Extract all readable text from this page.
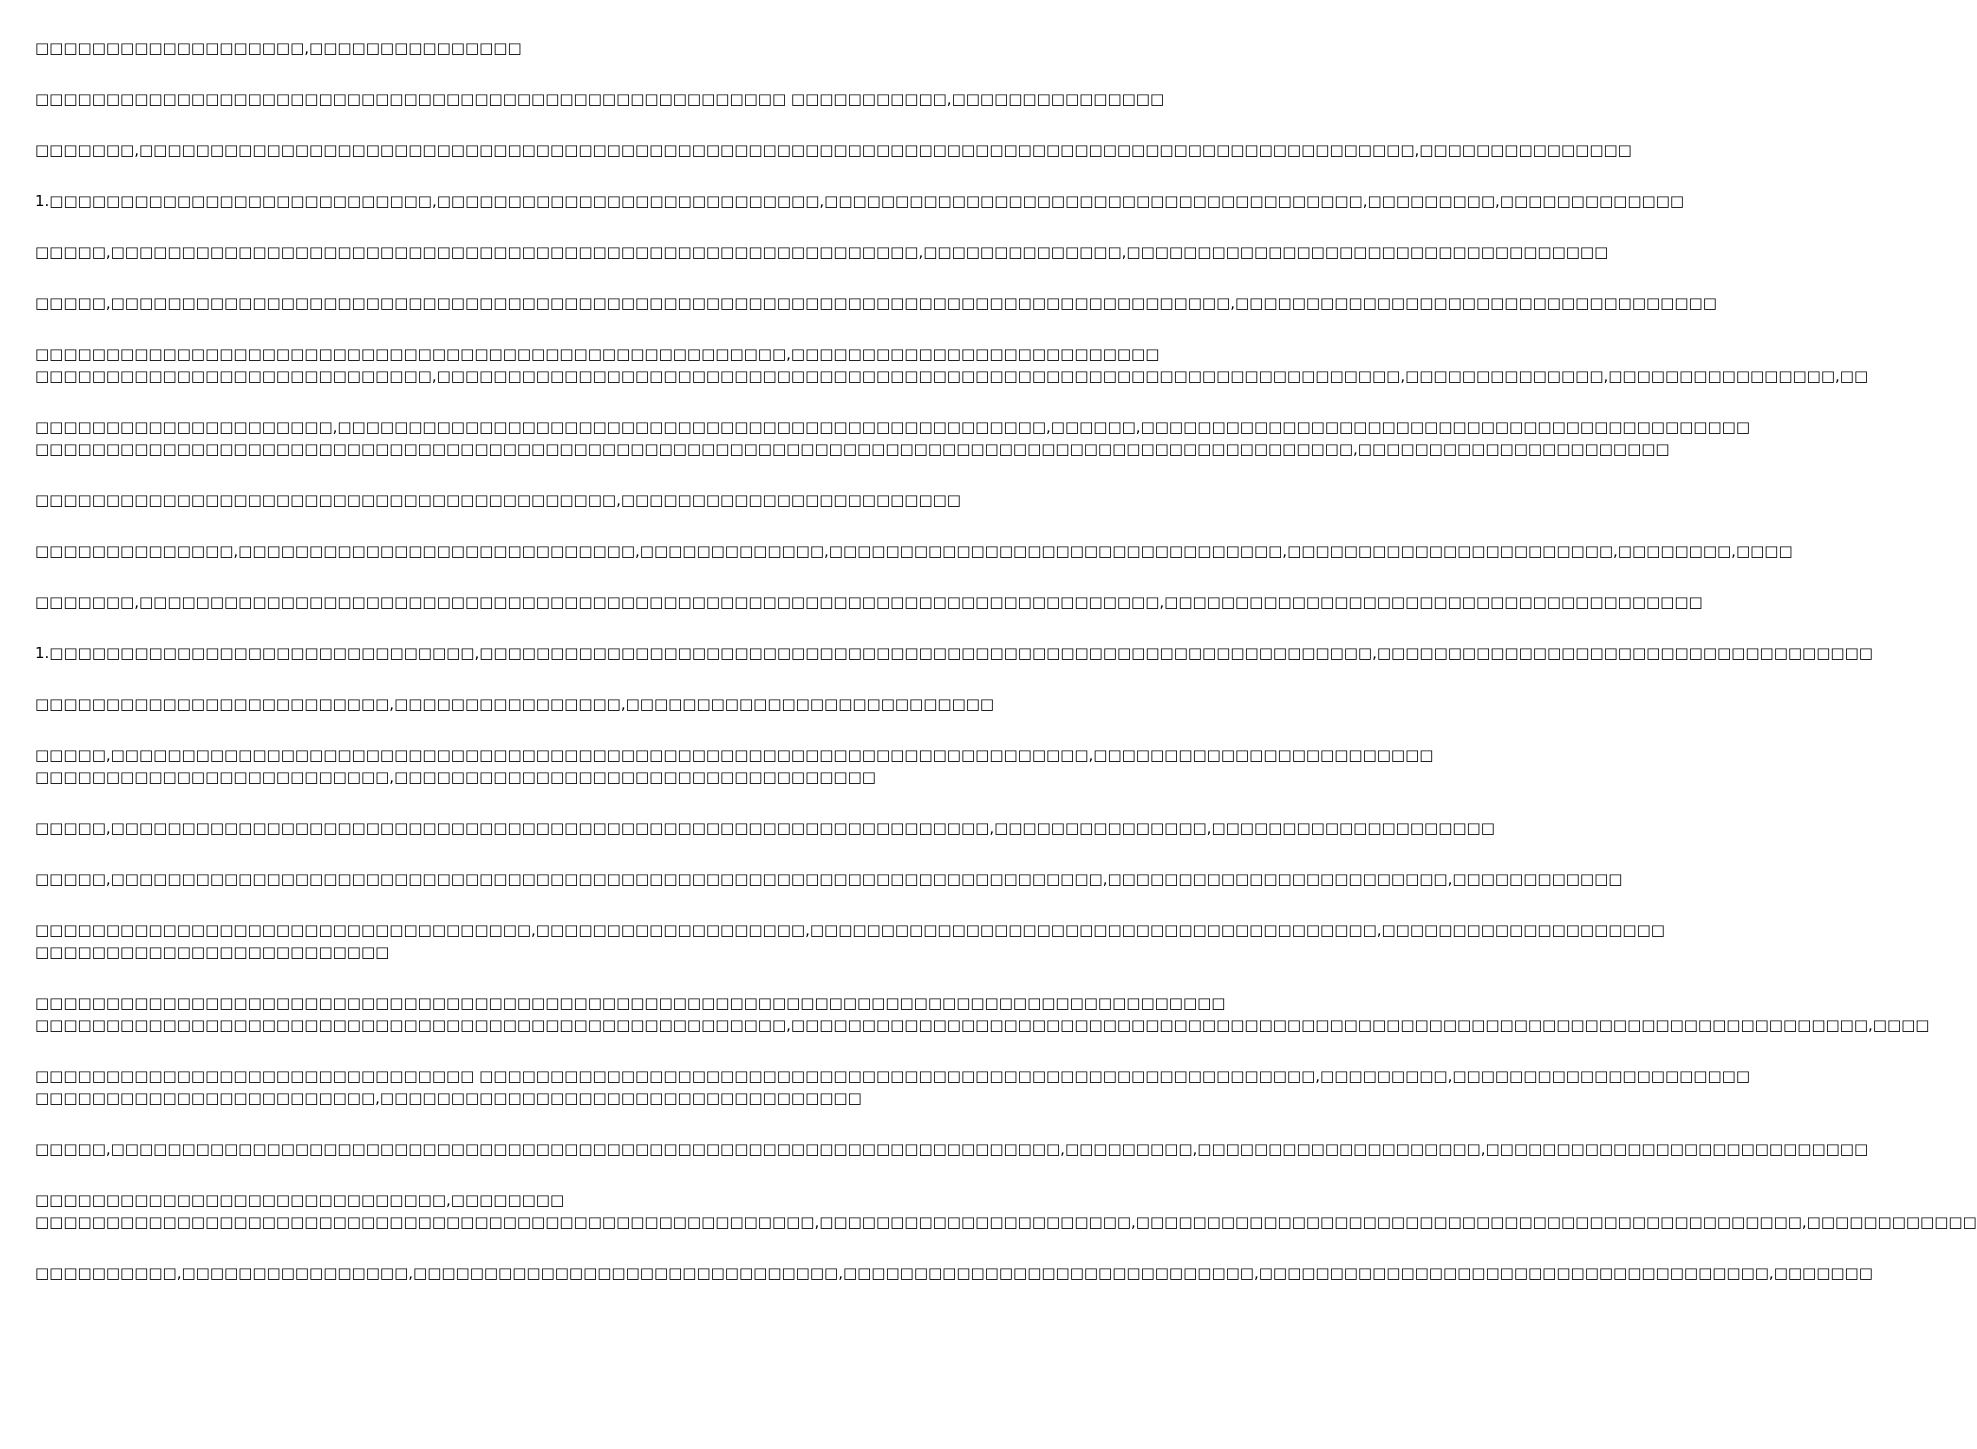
□□□□□□□□□□□□□□□□□□□,□□□□□□□□□□□□□□□
□□□□□□□□□□□□□□□□□□□□□□□□□□□□□□□□□□□□□□□□□□□□□□□□□□□□□ □□□□□□□□□□□,□□□□□□□□□□□□□□□
□□□□□□□,□□□□□□□□□□□□□□□□□□□□□□□□□□□□□□□□□□□□□□□□□□□□□□□□□□□□□□□□□□□□□□□□□□□□□□□□□□□□□□□□□□□□□□□□□□,□□□□□□□□□□□□□□□
1.□□□□□□□□□□□□□□□□□□□□□□□□□□□,□□□□□□□□□□□□□□□□□□□□□□□□□□□,□□□□□□□□□□□□□□□□□□□□□□□□□□□□□□□□□□□□□□,□□□□□□□□□,□□□□□□□□□□□□□
□□□□□,□□□□□□□□□□□□□□□□□□□□□□□□□□□□□□□□□□□□□□□□□□□□□□□□□□□□□□□□□,□□□□□□□□□□□□□□,□□□□□□□□□□□□□□□□□□□□□□□□□□□□□□□□□□
□□□□□,□□□□□□□□□□□□□□□□□□□□□□□□□□□□□□□□□□□□□□□□□□□□□□□□□□□□□□□□□□□□□□□□□□□□□□□□□□□□□□□,□□□□□□□□□□□□□□□□□□□□□□□□□□□□□□□□□□
□□□□□□□□□□□□□□□□□□□□□□□□□□□□□□□□□□□□□□□□□□□□□□□□□□□□□,□□□□□□□□□□□□□□□□□□□□□□□□□□
□□□□□□□□□□□□□□□□□□□□□□□□□□□□,□□□□□□□□□□□□□□□□□□□□□□□□□□□□□□□□□□□□□□□□□□□□□□□□□□□□□□□□□□□□□□□□□□□□,□□□□□□□□□□□□□□,□□□□□□□□□□□□□□□□,□□
□□□□□□□□□□□□□□□□□□□□□,□□□□□□□□□□□□□□□□□□□□□□□□□□□□□□□□□□□□□□□□□□□□□□□□□□,□□□□□□,□□□□□□□□□□□□□□□□□□□□□□□□□□□□□□□□□□□□□□□□□□□
□□□□□□□□□□□□□□□□□□□□□□□□□□□□□□□□□□□□□□□□□□□□□□□□□□□□□□□□□□□□□□□□□□□□□□□□□□□□□□□□□□□□□□□□□□□□□,□□□□□□□□□□□□□□□□□□□□□□
□□□□□□□□□□□□□□□□□□□□□□□□□□□□□□□□□□□□□□□□□,□□□□□□□□□□□□□□□□□□□□□□□□
□□□□□□□□□□□□□□,□□□□□□□□□□□□□□□□□□□□□□□□□□□□,□□□□□□□□□□□□□,□□□□□□□□□□□□□□□□□□□□□□□□□□□□□□□□,□□□□□□□□□□□□□□□□□□□□□□□,□□□□□□□□,□□□□
□□□□□□□,□□□□□□□□□□□□□□□□□□□□□□□□□□□□□□□□□□□□□□□□□□□□□□□□□□□□□□□□□□□□□□□□□□□□□□□□,□□□□□□□□□□□□□□□□□□□□□□□□□□□□□□□□□□□□□□
1.□□□□□□□□□□□□□□□□□□□□□□□□□□□□□□,□□□□□□□□□□□□□□□□□□□□□□□□□□□□□□□□□□□□□□□□□□□□□□□□□□□□□□□□□□□□□□□,□□□□□□□□□□□□□□□□□□□□□□□□□□□□□□□□□□□
□□□□□□□□□□□□□□□□□□□□□□□□□,□□□□□□□□□□□□□□□□,□□□□□□□□□□□□□□□□□□□□□□□□□□
□□□□□,□□□□□□□□□□□□□□□□□□□□□□□□□□□□□□□□□□□□□□□□□□□□□□□□□□□□□□□□□□□□□□□□□□□□□,□□□□□□□□□□□□□□□□□□□□□□□□
□□□□□□□□□□□□□□□□□□□□□□□□□,□□□□□□□□□□□□□□□□□□□□□□□□□□□□□□□□□□
□□□□□,□□□□□□□□□□□□□□□□□□□□□□□□□□□□□□□□□□□□□□□□□□□□□□□□□□□□□□□□□□□□□□,□□□□□□□□□□□□□□□,□□□□□□□□□□□□□□□□□□□□
□□□□□,□□□□□□□□□□□□□□□□□□□□□□□□□□□□□□□□□□□□□□□□□□□□□□□□□□□□□□□□□□□□□□□□□□□□□□,□□□□□□□□□□□□□□□□□□□□□□□□,□□□□□□□□□□□□
□□□□□□□□□□□□□□□□□□□□□□□□□□□□□□□□□□□,□□□□□□□□□□□□□□□□□□□,□□□□□□□□□□□□□□□□□□□□□□□□□□□□□□□□□□□□□□□□,□□□□□□□□□□□□□□□□□□□□
□□□□□□□□□□□□□□□□□□□□□□□□□
□□□□□□□□□□□□□□□□□□□□□□□□□□□□□□□□□□□□□□□□□□□□□□□□□□□□□□□□□□□□□□□□□□□□□□□□□□□□□□□□□□□□
□□□□□□□□□□□□□□□□□□□□□□□□□□□□□□□□□□□□□□□□□□□□□□□□□□□□□,□□□□□□□□□□□□□□□□□□□□□□□□□□□□□□□□□□□□□□□□□□□□□□□□□□□□□□□□□□□□□□□□□□□□□□□□□□□□,□□□□
□□□□□□□□□□□□□□□□□□□□□□□□□□□□□□□ □□□□□□□□□□□□□□□□□□□□□□□□□□□□□□□□□□□□□□□□□□□□□□□□□□□□□□□□□□□,□□□□□□□□□,□□□□□□□□□□□□□□□□□□□□□
□□□□□□□□□□□□□□□□□□□□□□□□,□□□□□□□□□□□□□□□□□□□□□□□□□□□□□□□□□□
□□□□□,□□□□□□□□□□□□□□□□□□□□□□□□□□□□□□□□□□□□□□□□□□□□□□□□□□□□□□□□□□□□□□□□□□□,□□□□□□□□□,□□□□□□□□□□□□□□□□□□□□,□□□□□□□□□□□□□□□□□□□□□□□□□□□
□□□□□□□□□□□□□□□□□□□□□□□□□□□□□,□□□□□□□□
□□□□□□□□□□□□□□□□□□□□□□□□□□□□□□□□□□□□□□□□□□□□□□□□□□□□□□□,□□□□□□□□□□□□□□□□□□□□□□,□□□□□□□□□□□□□□□□□□□□□□□□□□□□□□□□□□□□□□□□□□□□□□□,□□□□□□□□□□□□
□□□□□□□□□□,□□□□□□□□□□□□□□□□,□□□□□□□□□□□□□□□□□□□□□□□□□□□□□□,□□□□□□□□□□□□□□□□□□□□□□□□□□□□□,□□□□□□□□□□□□□□□□□□□□□□□□□□□□□□□□□□□□,□□□□□□□
